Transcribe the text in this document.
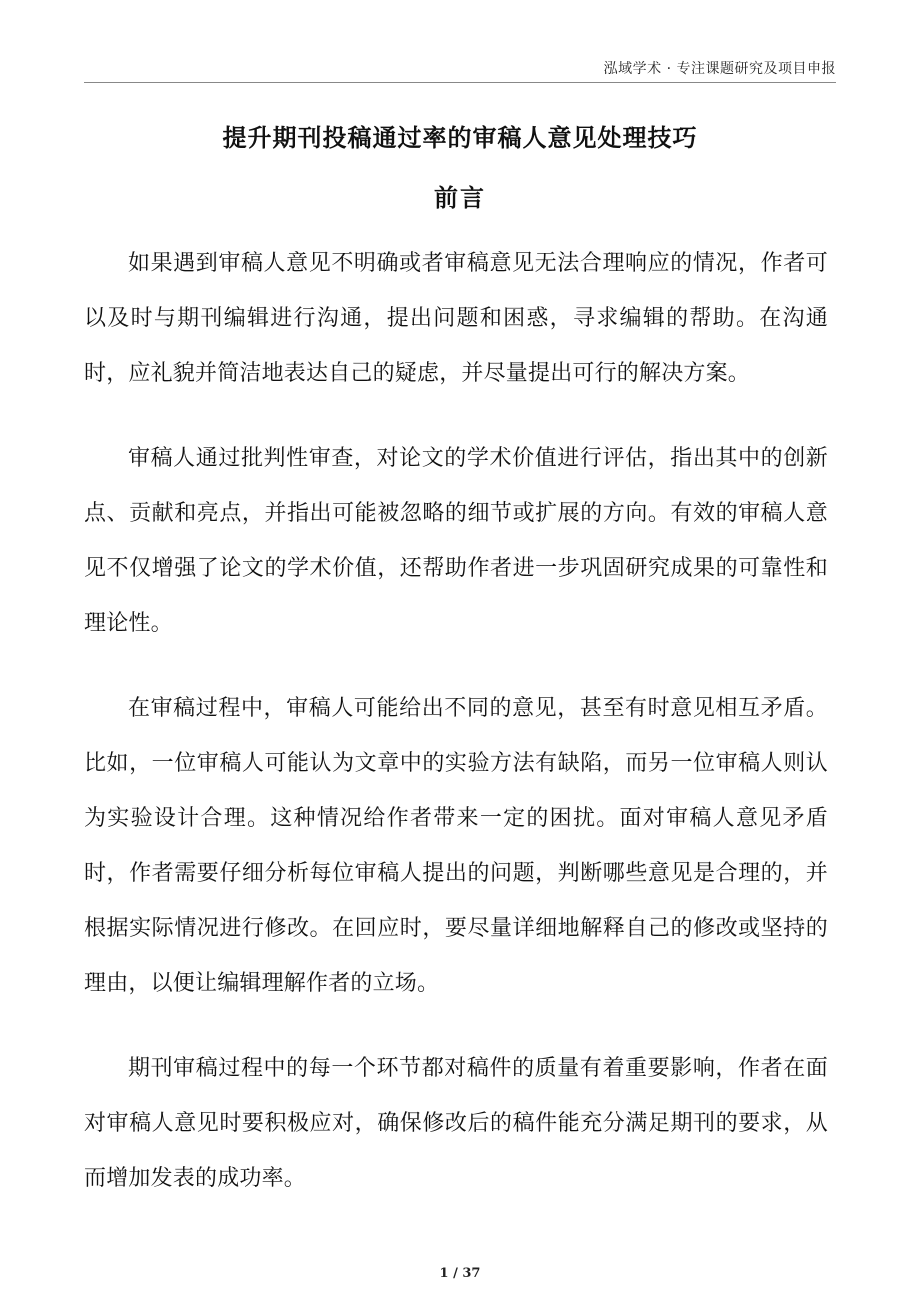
泓域学术 · 专注课题研究及项目申报
提升期刊投稿通过率的审稿人意见处理技巧
前言

如果遇到审稿人意见不明确或者审稿意见无法合理响应的情况，作者可以及时与期刊编辑进行沟通，提出问题和困惑，寻求编辑的帮助。在沟通时，应礼貌并简洁地表达自己的疑虑，并尽量提出可行的解决方案。

审稿人通过批判性审查，对论文的学术价值进行评估，指出其中的创新点、贡献和亮点，并指出可能被忽略的细节或扩展的方向。有效的审稿人意见不仅增强了论文的学术价值，还帮助作者进一步巩固研究成果的可靠性和理论性。

在审稿过程中，审稿人可能给出不同的意见，甚至有时意见相互矛盾。比如，一位审稿人可能认为文章中的实验方法有缺陷，而另一位审稿人则认为实验设计合理。这种情况给作者带来一定的困扰。面对审稿人意见矛盾时，作者需要仔细分析每位审稿人提出的问题，判断哪些意见是合理的，并根据实际情况进行修改。在回应时，要尽量详细地解释自己的修改或坚持的理由，以便让编辑理解作者的立场。

期刊审稿过程中的每一个环节都对稿件的质量有着重要影响，作者在面对审稿人意见时要积极应对，确保修改后的稿件能充分满足期刊的要求，从而增加发表的成功率。

1 / 37
